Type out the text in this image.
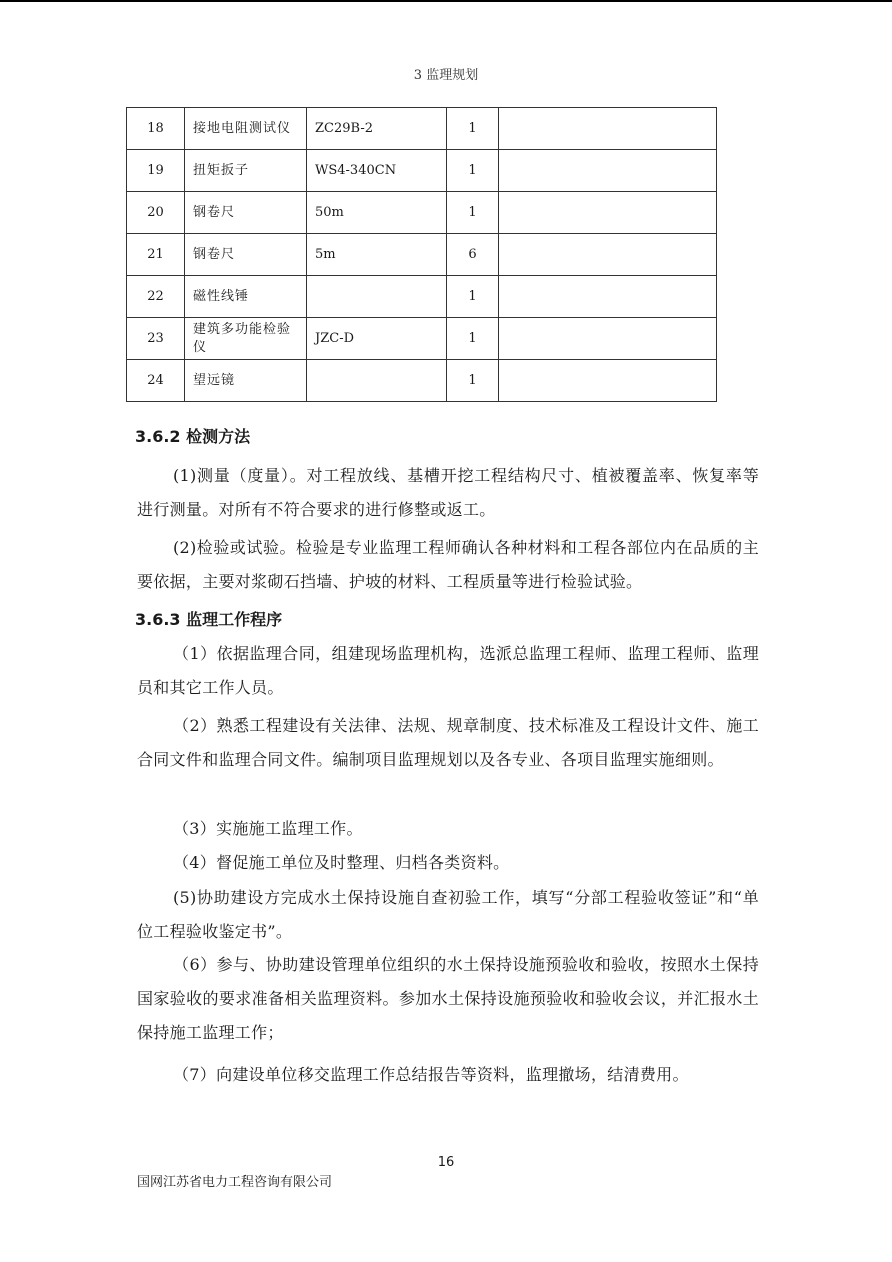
3 监理规划
18	接地电阻测试仪	ZC29B-2	1	
19	扭矩扳子	WS4-340CN	1	
20	钢卷尺	50m	1	
21	钢卷尺	5m	6	
22	磁性线锤		1	
23	建筑多功能检验仪	JZC-D	1	
24	望远镜		1	
3.6.2 检测方法
(1)测量（度量）。对工程放线、基槽开挖工程结构尺寸、植被覆盖率、恢复率等进行测量。对所有不符合要求的进行修整或返工。
(2)检验或试验。检验是专业监理工程师确认各种材料和工程各部位内在品质的主要依据，主要对浆砌石挡墙、护坡的材料、工程质量等进行检验试验。
3.6.3 监理工作程序
（1）依据监理合同，组建现场监理机构，选派总监理工程师、监理工程师、监理员和其它工作人员。
（2）熟悉工程建设有关法律、法规、规章制度、技术标准及工程设计文件、施工合同文件和监理合同文件。编制项目监理规划以及各专业、各项目监理实施细则。
（3）实施施工监理工作。
（4）督促施工单位及时整理、归档各类资料。
(5)协助建设方完成水土保持设施自查初验工作，填写“分部工程验收签证”和“单位工程验收鉴定书”。
（6）参与、协助建设管理单位组织的水土保持设施预验收和验收，按照水土保持国家验收的要求准备相关监理资料。参加水土保持设施预验收和验收会议，并汇报水土保持施工监理工作；
（7）向建设单位移交监理工作总结报告等资料，监理撤场，结清费用。
16
国网江苏省电力工程咨询有限公司
